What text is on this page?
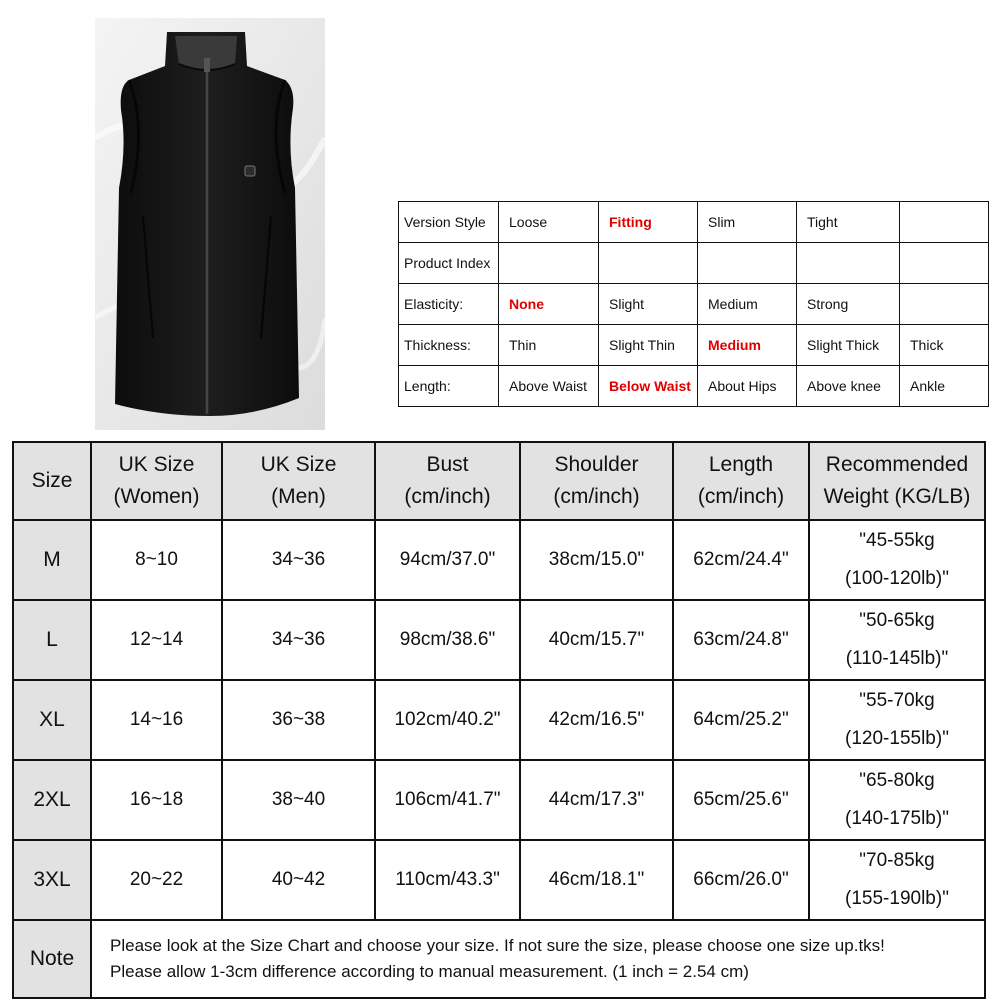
Version Style	Loose	Fitting	Slim	Tight	
Product Index					
Elasticity:	None	Slight	Medium	Strong	
Thickness:	Thin	Slight Thin	Medium	Slight Thick	Thick
Length:	Above Waist	Below Waist	About Hips	Above knee	Ankle
Size	UK Size
(Women)	UK Size
(Men)	Bust
(cm/inch)	Shoulder
(cm/inch)	Length
(cm/inch)	Recommended
Weight (KG/LB)
M	8~10	34~36	94cm/37.0"	38cm/15.0"	62cm/24.4"	"45-55kg
(100-120lb)"
L	12~14	34~36	98cm/38.6"	40cm/15.7"	63cm/24.8"	"50-65kg
(110-145lb)"
XL	14~16	36~38	102cm/40.2"	42cm/16.5"	64cm/25.2"	"55-70kg
(120-155lb)"
2XL	16~18	38~40	106cm/41.7"	44cm/17.3"	65cm/25.6"	"65-80kg
(140-175lb)"
3XL	20~22	40~42	110cm/43.3"	46cm/18.1"	66cm/26.0"	"70-85kg
(155-190lb)"
Note	Please look at the Size Chart and choose your size. If not sure the size, please choose one size up.tks!
Please allow 1-3cm difference according to manual measurement. (1 inch = 2.54 cm)					
